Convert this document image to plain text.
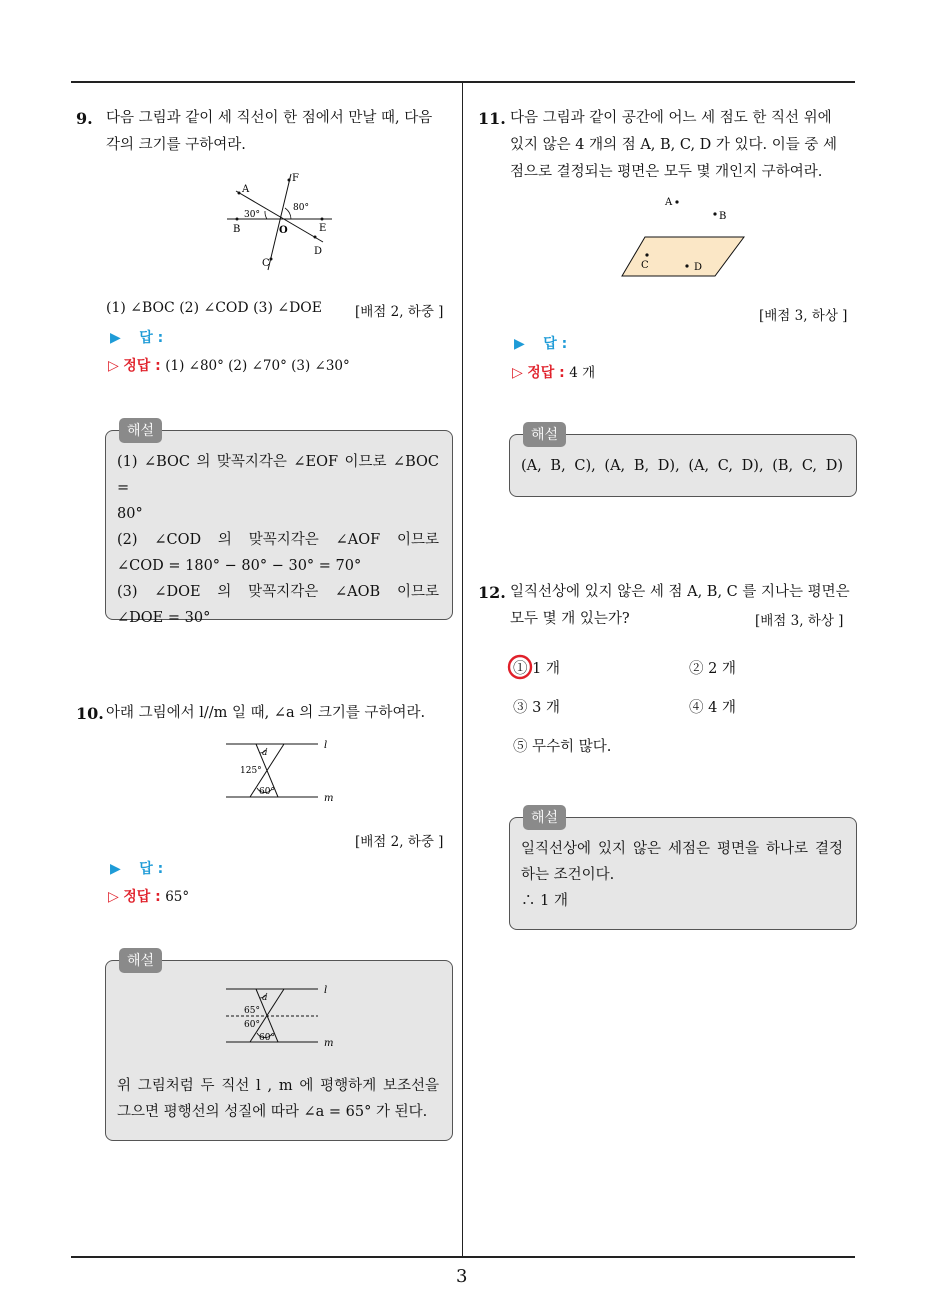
3
9. 다음 그림과 같이 세 직선이 한 점에서 만날 때, 다음
각의 크기를 구하여라.
A
B
C
D
E
F
O
30°
80°
(1) ∠BOC (2) ∠COD (3) ∠DOE [배점 2, 하중 ]
▶ 답 :
▷ 정답 : (1) ∠80° (2) ∠70° (3) ∠30°
해설
(1) ∠BOC 의 맞꼭지각은 ∠EOF 이므로 ∠BOC =
80°
(2) ∠COD 의 맞꼭지각은 ∠AOF 이므로
∠COD = 180° − 80° − 30° = 70°
(3) ∠DOE 의 맞꼭지각은 ∠AOB 이므로
∠DOE = 30°
10. 아래 그림에서 l//m 일 때, ∠a 의 크기를 구하여라.
l
m
a
125°
60°
[배점 2, 하중 ]
▶ 답 :
▷ 정답 : 65°
해설
l
m
a
65°
60°
60°
위 그림처럼 두 직선 l , m 에 평행하게 보조선을
그으면 평행선의 성질에 따라 ∠a = 65° 가 된다.
11. 다음 그림과 같이 공간에 어느 세 점도 한 직선 위에
있지 않은 4 개의 점 A, B, C, D 가 있다. 이들 중 세
점으로 결정되는 평면은 모두 몇 개인지 구하여라.
A
B
C	D
[배점 3, 하상 ]
▶ 답 :
▷ 정답 : 4 개
해설
(A, B, C), (A, B, D), (A, C, D), (B, C, D)
12. 일직선상에 있지 않은 세 점 A, B, C 를 지나는 평면은
모두 몇 개 있는가?	[배점 3, 하상 ]
① 1 개	② 2 개
③ 3 개	④ 4 개
⑤ 무수히 많다.
해설
일직선상에 있지 않은 세점은 평면을 하나로 결정
하는 조건이다.
∴ 1 개
